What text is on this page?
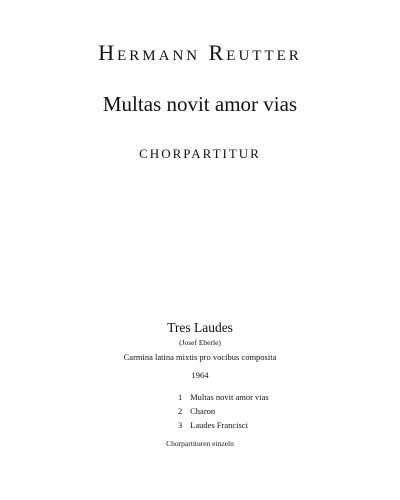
Hermann Reutter
Multas novit amor vias
CHORPARTITUR
Tres Laudes
(Josef Eberle)
Carmina latina mixtis pro vocibus composita
1964
1 Multas novit amor vias
2 Charon
3 Laudes Francisci
Chorpartituren einzeln
